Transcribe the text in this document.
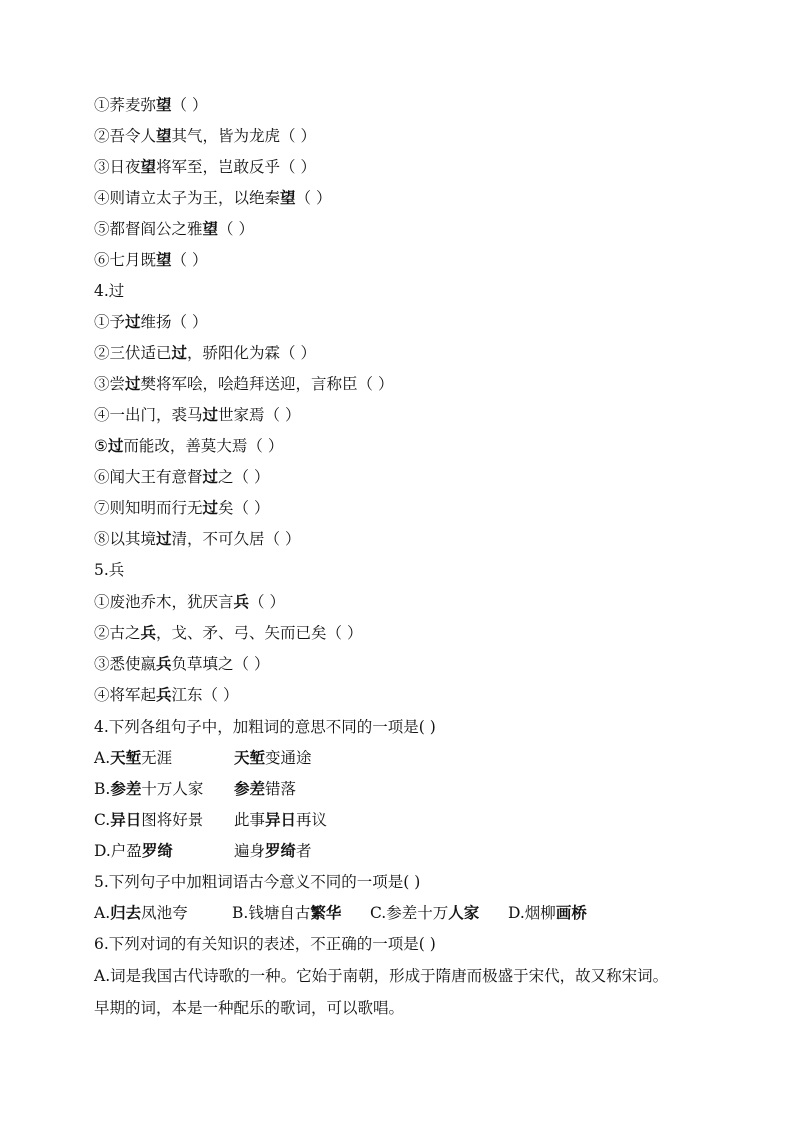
①荞麦弥望（ ）
②吾令人望其气，皆为龙虎（ ）
③日夜望将军至，岂敢反乎（ ）
④则请立太子为王，以绝秦望（ ）
⑤都督阎公之雅望（ ）
⑥七月既望（ ）
4.过
①予过维扬（ ）
②三伏适已过，骄阳化为霖（ ）
③尝过樊将军哙，哙趋拜送迎，言称臣（ ）
④一出门，裘马过世家焉（ ）
⑤过而能改，善莫大焉（ ）
⑥闻大王有意督过之（ ）
⑦则知明而行无过矣（ ）
⑧以其境过清，不可久居（ ）
5.兵
①废池乔木，犹厌言兵（ ）
②古之兵，戈、矛、弓、矢而已矣（ ）
③悉使嬴兵负草填之（ ）
④将军起兵江东（ ）
4.下列各组句子中，加粗词的意思不同的一项是( )
A.天堑无涯	天堑变通途
B.参差十万人家 参差错落
C.异日图将好景 此事异日再议
D.户盈罗绮	遍身罗绮者
5.下列句子中加粗词语古今意义不同的一项是( )
A.归去凤池夸	B.钱塘自古繁华 C.参差十万人家 D.烟柳画桥
6.下列对词的有关知识的表述，不正确的一项是( )
A.词是我国古代诗歌的一种。它始于南朝，形成于隋唐而极盛于宋代，故又称宋词。
早期的词，本是一种配乐的歌词，可以歌唱。
